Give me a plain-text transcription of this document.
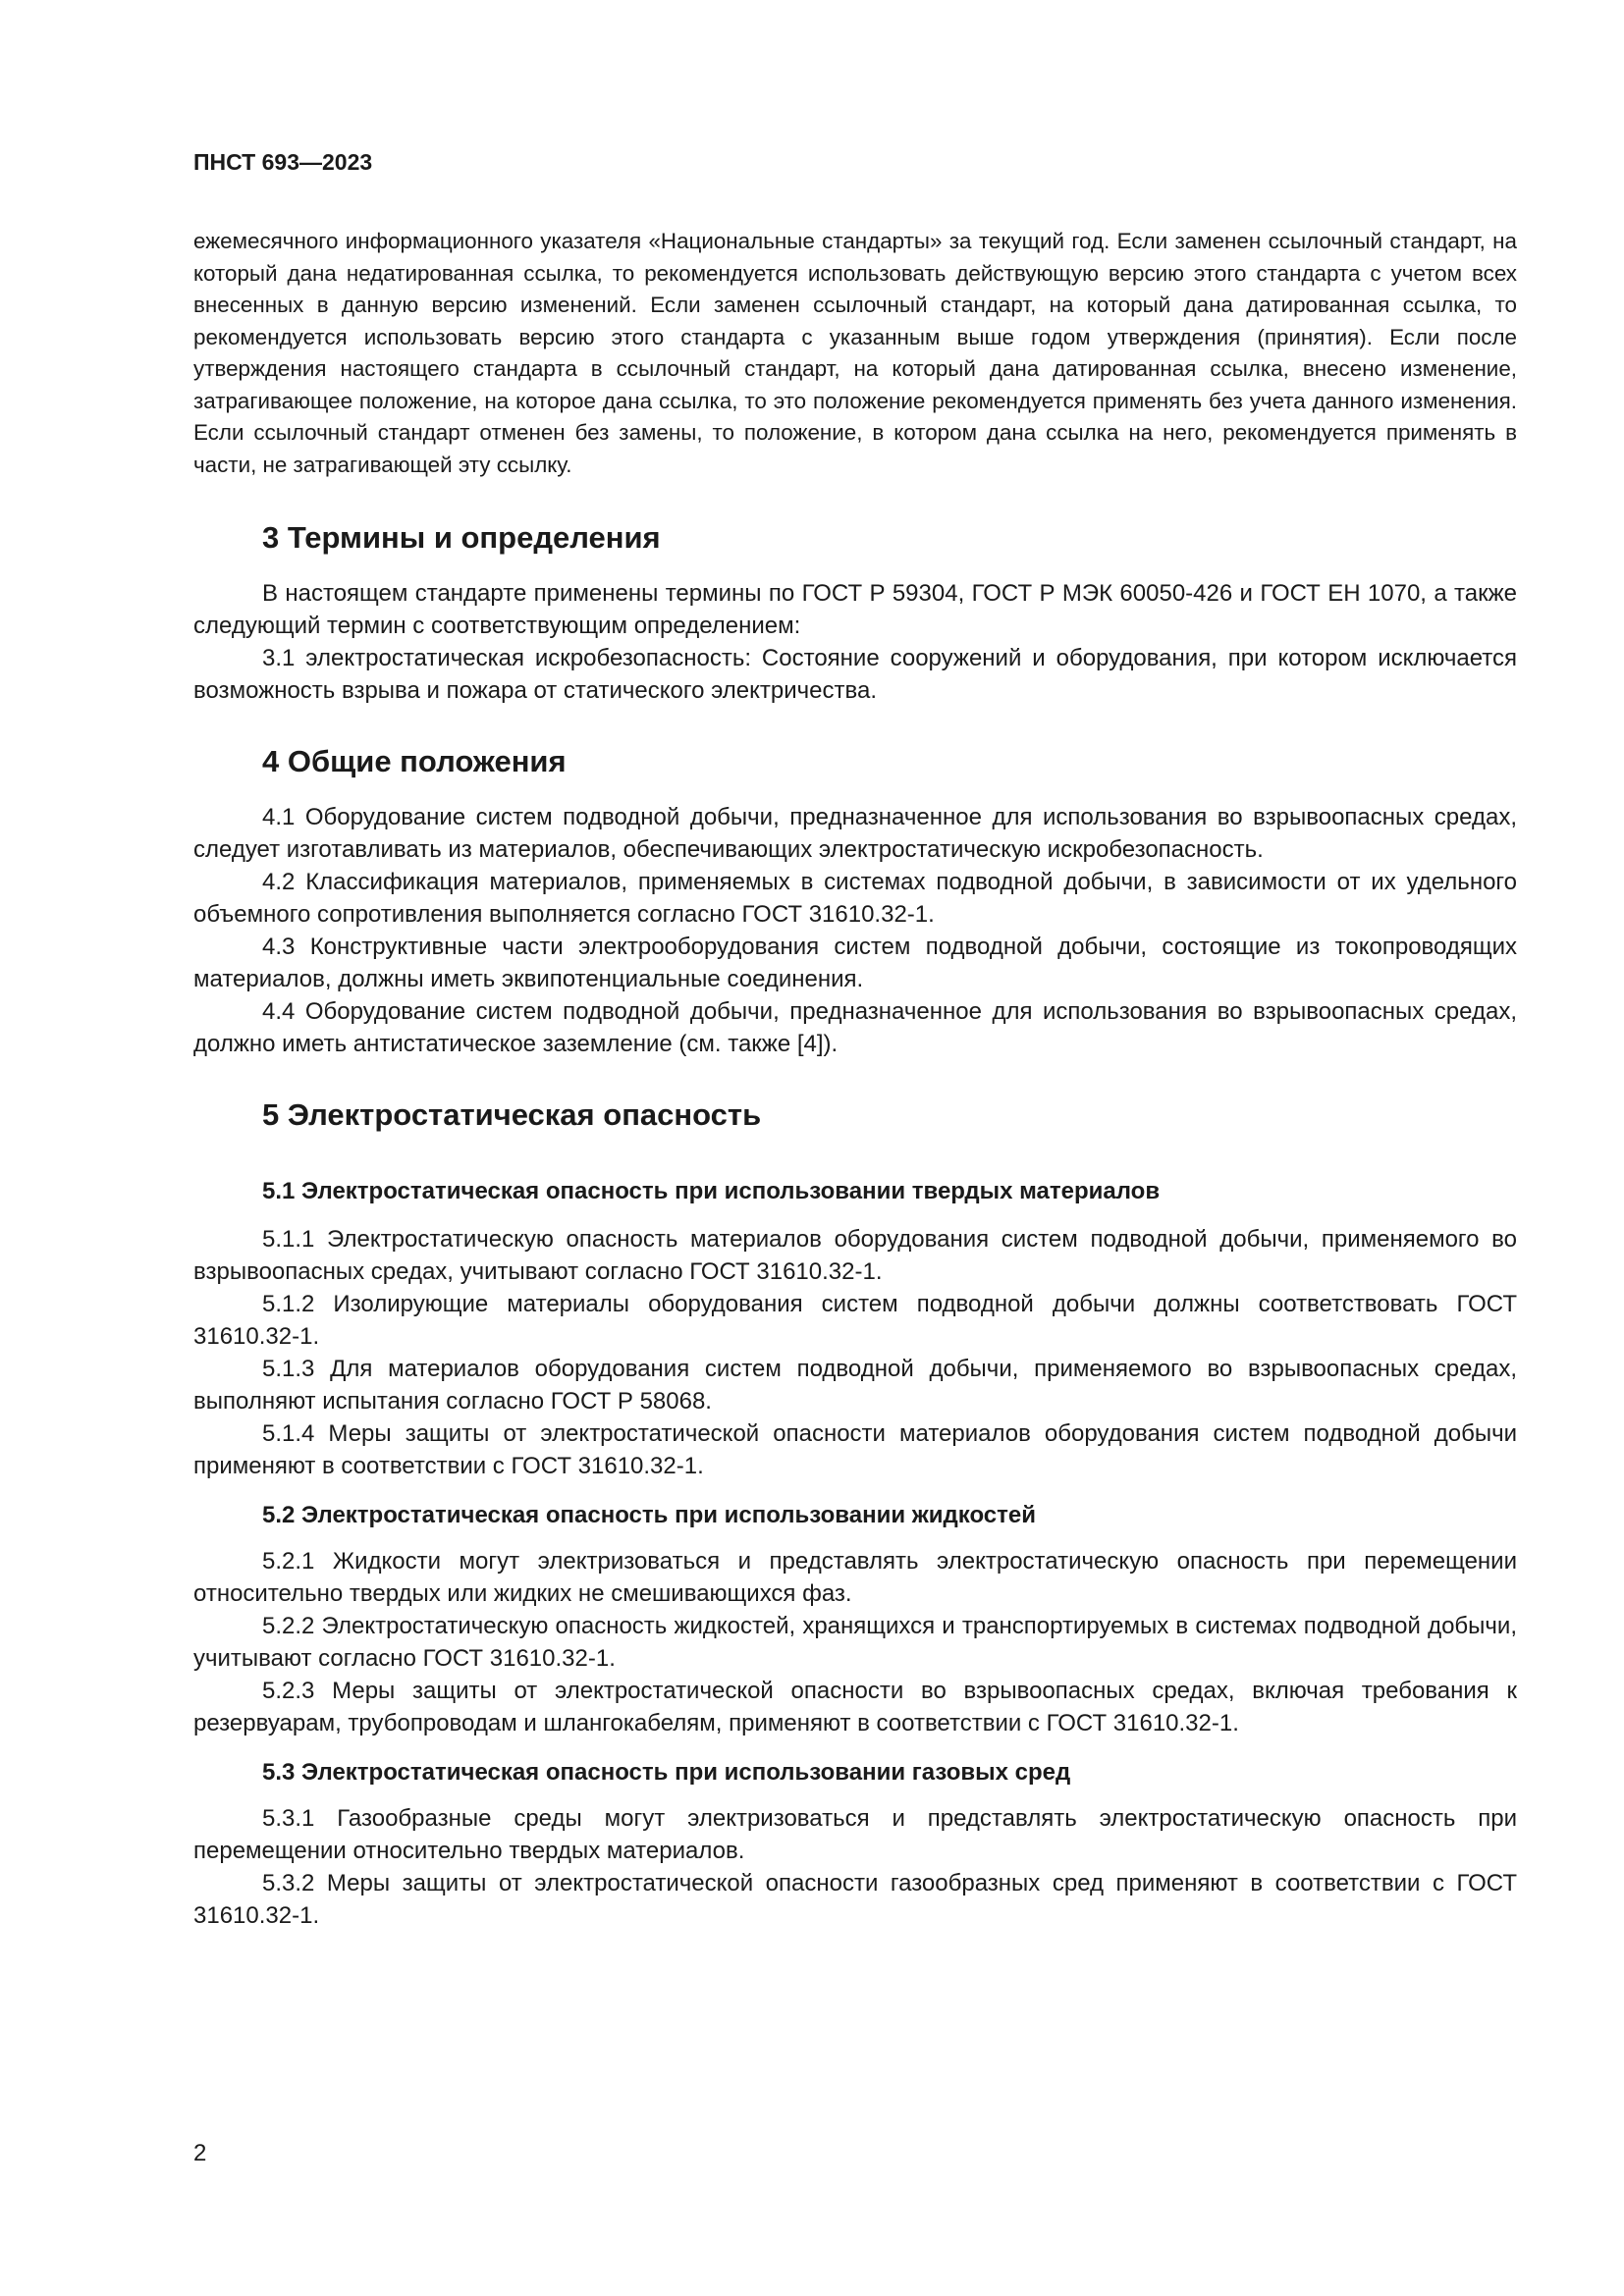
ПНСТ 693—2023

ежемесячного информационного указателя «Национальные стандарты» за текущий год. Если заменен ссылочный стандарт, на который дана недатированная ссылка, то рекомендуется использовать действующую версию этого стандарта с учетом всех внесенных в данную версию изменений. Если заменен ссылочный стандарт, на который дана датированная ссылка, то рекомендуется использовать версию этого стандарта с указанным выше годом утверждения (принятия). Если после утверждения настоящего стандарта в ссылочный стандарт, на который дана датированная ссылка, внесено изменение, затрагивающее положение, на которое дана ссылка, то это положение рекомендуется применять без учета данного изменения. Если ссылочный стандарт отменен без замены, то положение, в котором дана ссылка на него, рекомендуется применять в части, не затрагивающей эту ссылку.

3 Термины и определения

В настоящем стандарте применены термины по ГОСТ Р 59304, ГОСТ Р МЭК 60050-426 и ГОСТ ЕН 1070, а также следующий термин с соответствующим определением:

3.1 электростатическая искробезопасность: Состояние сооружений и оборудования, при котором исключается возможность взрыва и пожара от статического электричества.

4 Общие положения

4.1 Оборудование систем подводной добычи, предназначенное для использования во взрывоопасных средах, следует изготавливать из материалов, обеспечивающих электростатическую искробезопасность.

4.2 Классификация материалов, применяемых в системах подводной добычи, в зависимости от их удельного объемного сопротивления выполняется согласно ГОСТ 31610.32-1.

4.3 Конструктивные части электрооборудования систем подводной добычи, состоящие из токопроводящих материалов, должны иметь эквипотенциальные соединения.

4.4 Оборудование систем подводной добычи, предназначенное для использования во взрывоопасных средах, должно иметь антистатическое заземление (см. также [4]).

5 Электростатическая опасность
5.1 Электростатическая опасность при использовании твердых материалов

5.1.1 Электростатическую опасность материалов оборудования систем подводной добычи, применяемого во взрывоопасных средах, учитывают согласно ГОСТ 31610.32-1.

5.1.2 Изолирующие материалы оборудования систем подводной добычи должны соответствовать ГОСТ 31610.32-1.

5.1.3 Для материалов оборудования систем подводной добычи, применяемого во взрывоопасных средах, выполняют испытания согласно ГОСТ Р 58068.

5.1.4 Меры защиты от электростатической опасности материалов оборудования систем подводной добычи применяют в соответствии с ГОСТ 31610.32-1.

5.2 Электростатическая опасность при использовании жидкостей

5.2.1 Жидкости могут электризоваться и представлять электростатическую опасность при перемещении относительно твердых или жидких не смешивающихся фаз.

5.2.2 Электростатическую опасность жидкостей, хранящихся и транспортируемых в системах подводной добычи, учитывают согласно ГОСТ 31610.32-1.

5.2.3 Меры защиты от электростатической опасности во взрывоопасных средах, включая требования к резервуарам, трубопроводам и шлангокабелям, применяют в соответствии с ГОСТ 31610.32-1.

5.3 Электростатическая опасность при использовании газовых сред

5.3.1 Газообразные среды могут электризоваться и представлять электростатическую опасность при перемещении относительно твердых материалов.

5.3.2 Меры защиты от электростатической опасности газообразных сред применяют в соответствии с ГОСТ 31610.32-1.

2
